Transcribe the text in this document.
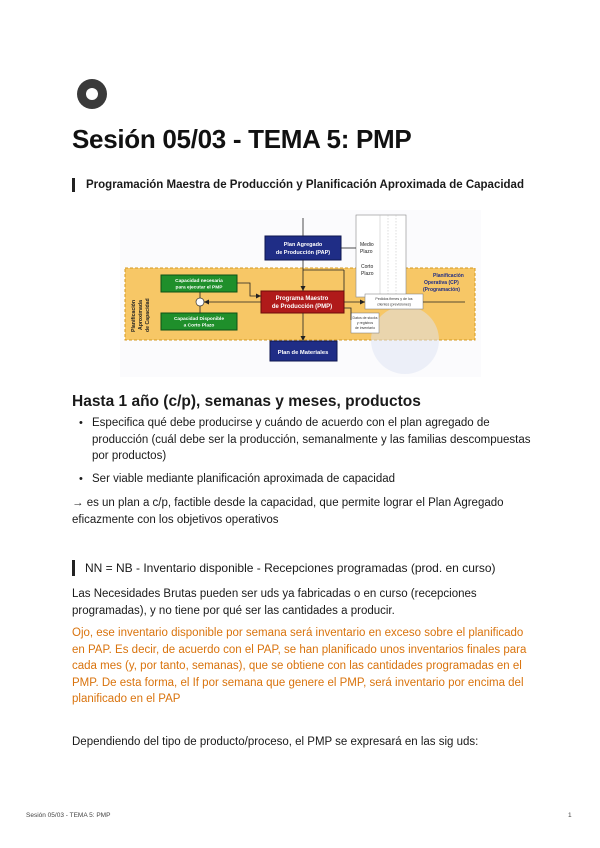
Sesión 05/03 - TEMA 5: PMP
Programación Maestra de Producción y Planificación Aproximada de Capacidad
Planificación Aproximada de Capacidad
Medio
Plazo
Corto
Plazo	Planificación
Operativa (CP)
(Programación)
Plan Agregado
de Producción (PAP)
Programa Maestro
de Producción (PMP)
Capacidad necesaria
para ejecutar el PMP
Capacidad Disponible
a Corto Plazo
Plan de Materiales
Pedidos firmes y de los
clientes (previsiones)
Datos de stocks
y registros
de inventario
Hasta 1 año (c/p), semanas y meses, productos
• Especifica qué debe producirse y cuándo de acuerdo con el plan agregado de producción (cuál debe ser la producción, semanalmente y las familias descompuestas por productos)
• Ser viable mediante planificación aproximada de capacidad

→ es un plan a c/p, factible desde la capacidad, que permite lograr el Plan Agregado eficazmente con los objetivos operativos

NN = NB - Inventario disponible - Recepciones programadas (prod. en curso)

Las Necesidades Brutas pueden ser uds ya fabricadas o en curso (recepciones programadas), y no tiene por qué ser las cantidades a producir.

Ojo, ese inventario disponible por semana será inventario en exceso sobre el planificado en PAP. Es decir, de acuerdo con el PAP, se han planificado unos inventarios finales para cada mes (y, por tanto, semanas), que se obtiene con las cantidades programadas en el PMP. De esta forma, el If por semana que genere el PMP, será inventario por encima del planificado en el PAP

Dependiendo del tipo de producto/proceso, el PMP se expresará en las sig uds:

Sesión 05/03 - TEMA 5: PMP	1
